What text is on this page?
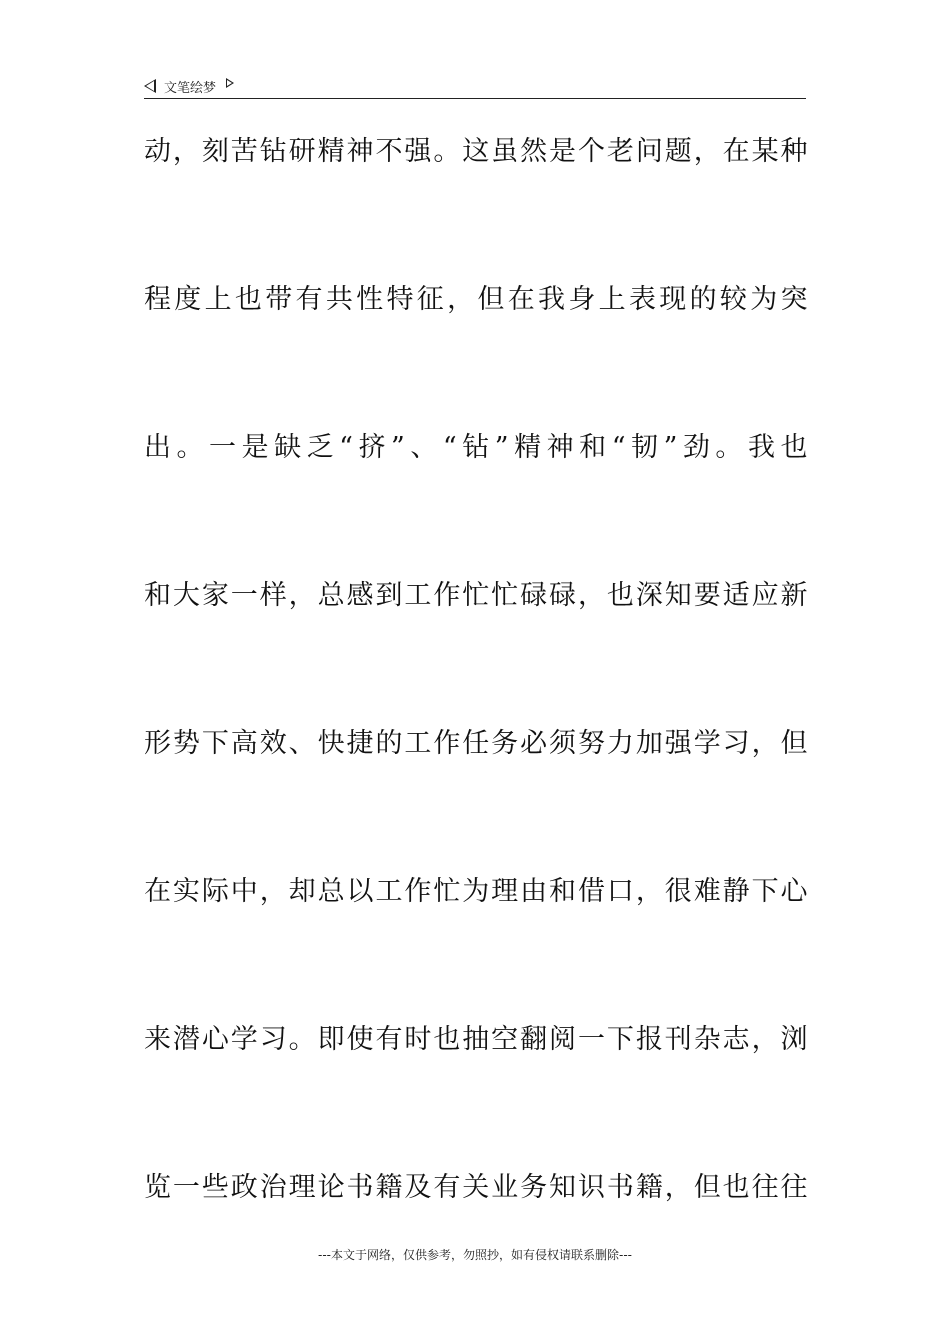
文笔绘梦
动，刻苦钻研精神不强。这虽然是个老问题，在某种
程度上也带有共性特征，但在我身上表现的较为突
出。一是缺乏“挤”、“钻”精神和“韧”劲。我也
和大家一样，总感到工作忙忙碌碌，也深知要适应新
形势下高效、快捷的工作任务必须努力加强学习，但
在实际中，却总以工作忙为理由和借口，很难静下心
来潜心学习。即使有时也抽空翻阅一下报刊杂志，浏
览一些政治理论书籍及有关业务知识书籍，但也往往
---本文于网络，仅供参考，勿照抄，如有侵权请联系删除---
